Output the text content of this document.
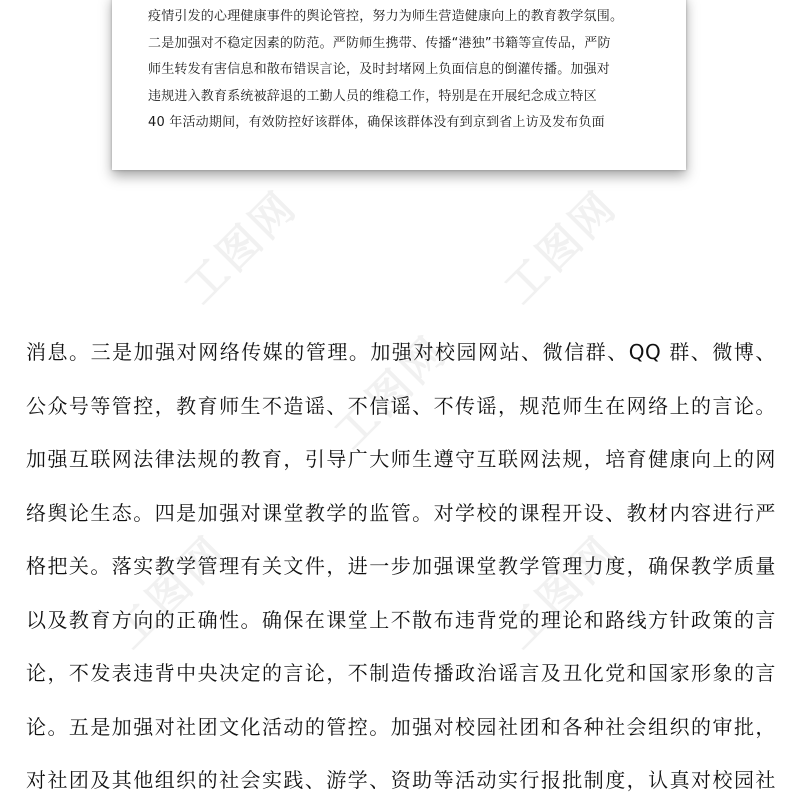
工图网	工图网
工图网
工图网	工图网
疫情引发的心理健康事件的舆论管控，努力为师生营造健康向上的教育教学氛围。
二是加强对不稳定因素的防范。严防师生携带、传播“港独”书籍等宣传品，严防
师生转发有害信息和散布错误言论，及时封堵网上负面信息的倒灌传播。加强对
违规进入教育系统被辞退的工勤人员的维稳工作，特别是在开展纪念成立特区
40 年活动期间，有效防控好该群体，确保该群体没有到京到省上访及发布负面
消息。三是加强对网络传媒的管理。加强对校园网站、微信群、QQ 群、微博、
公众号等管控，教育师生不造谣、不信谣、不传谣，规范师生在网络上的言论。
加强互联网法律法规的教育，引导广大师生遵守互联网法规，培育健康向上的网
络舆论生态。四是加强对课堂教学的监管。对学校的课程开设、教材内容进行严
格把关。落实教学管理有关文件，进一步加强课堂教学管理力度，确保教学质量
以及教育方向的正确性。确保在课堂上不散布违背党的理论和路线方针政策的言
论，不发表违背中央决定的言论，不制造传播政治谣言及丑化党和国家形象的言
论。五是加强对社团文化活动的管控。加强对校园社团和各种社会组织的审批，
对社团及其他组织的社会实践、游学、资助等活动实行报批制度，认真对校园社
